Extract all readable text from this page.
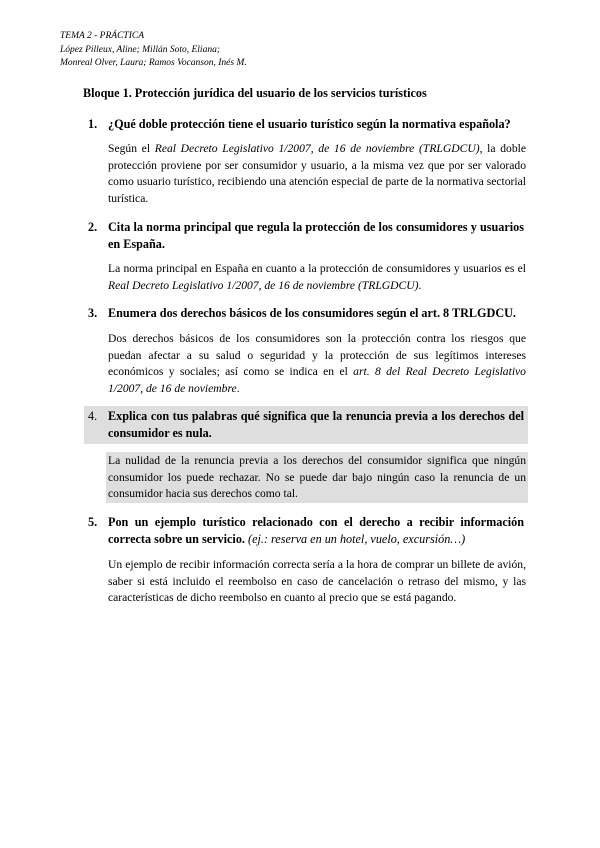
TEMA 2 - PRÁCTICA
López Pilleux, Aline; Millán Soto, Eliana;
Monreal Olver, Laura; Ramos Vocanson, Inés M.
Bloque 1. Protección jurídica del usuario de los servicios turísticos
1. ¿Qué doble protección tiene el usuario turístico según la normativa española?
Según el Real Decreto Legislativo 1/2007, de 16 de noviembre (TRLGDCU), la doble protección proviene por ser consumidor y usuario, a la misma vez que por ser valorado como usuario turístico, recibiendo una atención especial de parte de la normativa sectorial turística.
2. Cita la norma principal que regula la protección de los consumidores y usuarios en España.
La norma principal en España en cuanto a la protección de consumidores y usuarios es el Real Decreto Legislativo 1/2007, de 16 de noviembre (TRLGDCU).
3. Enumera dos derechos básicos de los consumidores según el art. 8 TRLGDCU.
Dos derechos básicos de los consumidores son la protección contra los riesgos que puedan afectar a su salud o seguridad y la protección de sus legítimos intereses económicos y sociales; así como se indica en el art. 8 del Real Decreto Legislativo 1/2007, de 16 de noviembre.
4. Explica con tus palabras qué significa que la renuncia previa a los derechos del consumidor es nula.
La nulidad de la renuncia previa a los derechos del consumidor significa que ningún consumidor los puede rechazar. No se puede dar bajo ningún caso la renuncia de un consumidor hacia sus derechos como tal.
5. Pon un ejemplo turístico relacionado con el derecho a recibir información correcta sobre un servicio. (ej.: reserva en un hotel, vuelo, excursión…)
Un ejemplo de recibir información correcta sería a la hora de comprar un billete de avión, saber si está incluido el reembolso en caso de cancelación o retraso del mismo, y las características de dicho reembolso en cuanto al precio que se está pagando.
